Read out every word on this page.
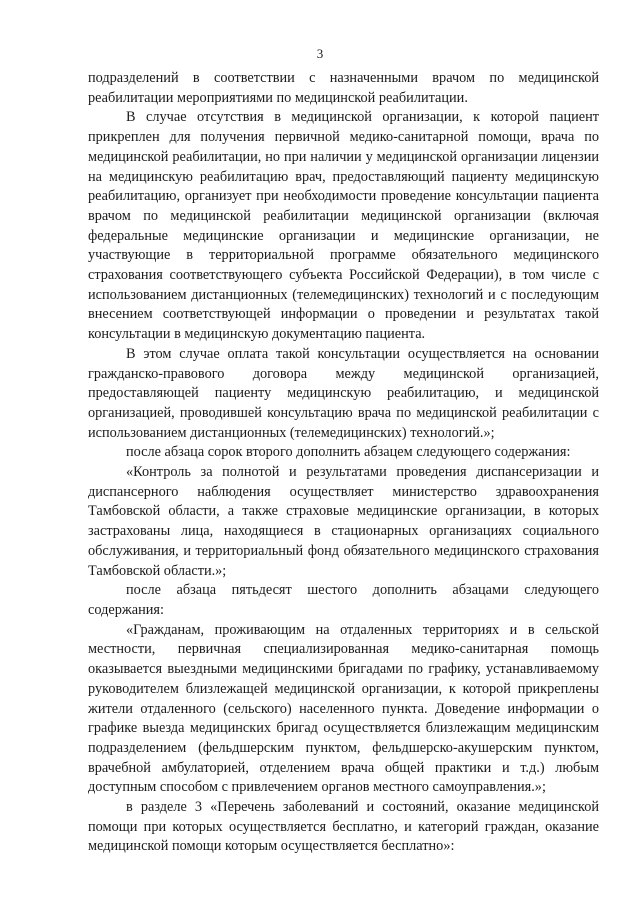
3

подразделений в соответствии с назначенными врачом по медицинской реабилитации мероприятиями по медицинской реабилитации.

В случае отсутствия в медицинской организации, к которой пациент прикреплен для получения первичной медико-санитарной помощи, врача по медицинской реабилитации, но при наличии у медицинской организации лицензии на медицинскую реабилитацию врач, предоставляющий пациенту медицинскую реабилитацию, организует при необходимости проведение консультации пациента врачом по медицинской реабилитации медицинской организации (включая федеральные медицинские организации и медицинские организации, не участвующие в территориальной программе обязательного медицинского страхования соответствующего субъекта Российской Федерации), в том числе с использованием дистанционных (телемедицинских) технологий и с последующим внесением соответствующей информации о проведении и результатах такой консультации в медицинскую документацию пациента.

В этом случае оплата такой консультации осуществляется на основании гражданско-правового договора между медицинской организацией, предоставляющей пациенту медицинскую реабилитацию, и медицинской организацией, проводившей консультацию врача по медицинской реабилитации с использованием дистанционных (телемедицинских) технологий.»;

после абзаца сорок второго дополнить абзацем следующего содержания:

«Контроль за полнотой и результатами проведения диспансеризации и диспансерного наблюдения осуществляет министерство здравоохранения Тамбовской области, а также страховые медицинские организации, в которых застрахованы лица, находящиеся в стационарных организациях социального обслуживания, и территориальный фонд обязательного медицинского страхования Тамбовской области.»;

после абзаца пятьдесят шестого дополнить абзацами следующего содержания:

«Гражданам, проживающим на отдаленных территориях и в сельской местности, первичная специализированная медико-санитарная помощь оказывается выездными медицинскими бригадами по графику, устанавливаемому руководителем близлежащей медицинской организации, к которой прикреплены жители отдаленного (сельского) населенного пункта. Доведение информации о графике выезда медицинских бригад осуществляется близлежащим медицинским подразделением (фельдшерским пунктом, фельдшерско-акушерским пунктом, врачебной амбулаторией, отделением врача общей практики и т.д.) любым доступным способом с привлечением органов местного самоуправления.»;

в разделе 3 «Перечень заболеваний и состояний, оказание медицинской помощи при которых осуществляется бесплатно, и категорий граждан, оказание медицинской помощи которым осуществляется бесплатно»:
